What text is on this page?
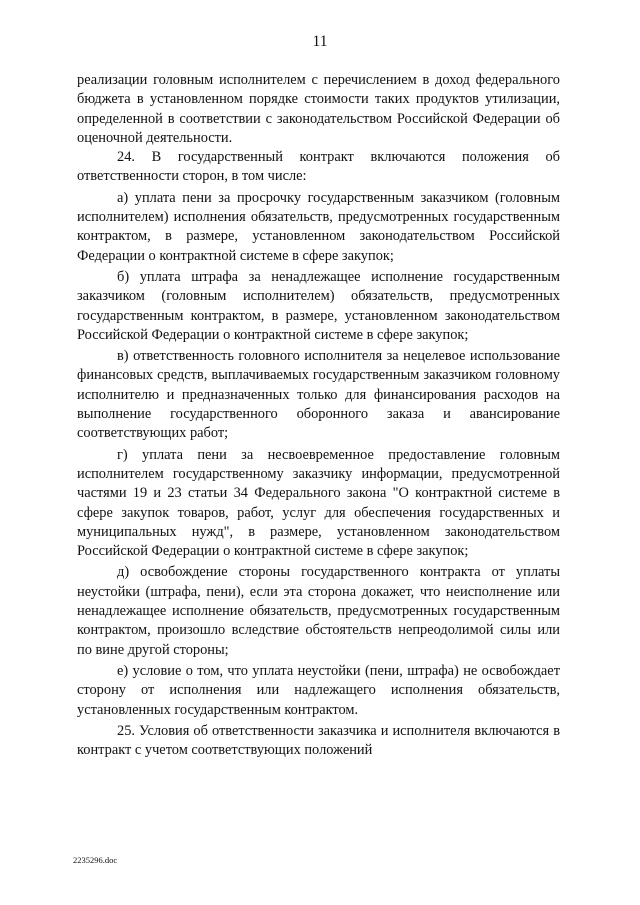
11

реализации головным исполнителем с перечислением в доход федерального бюджета в установленном порядке стоимости таких продуктов утилизации, определенной в соответствии с законодательством Российской Федерации об оценочной деятельности.

24. В государственный контракт включаются положения об ответственности сторон, в том числе:

а) уплата пени за просрочку государственным заказчиком (головным исполнителем) исполнения обязательств, предусмотренных государственным контрактом, в размере, установленном законодательством Российской Федерации о контрактной системе в сфере закупок;

б) уплата штрафа за ненадлежащее исполнение государственным заказчиком (головным исполнителем) обязательств, предусмотренных государственным контрактом, в размере, установленном законодательством Российской Федерации о контрактной системе в сфере закупок;

в) ответственность головного исполнителя за нецелевое использование финансовых средств, выплачиваемых государственным заказчиком головному исполнителю и предназначенных только для финансирования расходов на выполнение государственного оборонного заказа и авансирование соответствующих работ;

г) уплата пени за несвоевременное предоставление головным исполнителем государственному заказчику информации, предусмотренной частями 19 и 23 статьи 34 Федерального закона "О контрактной системе в сфере закупок товаров, работ, услуг для обеспечения государственных и муниципальных нужд", в размере, установленном законодательством Российской Федерации о контрактной системе в сфере закупок;

д) освобождение стороны государственного контракта от уплаты неустойки (штрафа, пени), если эта сторона докажет, что неисполнение или ненадлежащее исполнение обязательств, предусмотренных государственным контрактом, произошло вследствие обстоятельств непреодолимой силы или по вине другой стороны;

е) условие о том, что уплата неустойки (пени, штрафа) не освобождает сторону от исполнения или надлежащего исполнения обязательств, установленных государственным контрактом.

25. Условия об ответственности заказчика и исполнителя включаются в контракт с учетом соответствующих положений

2235296.doc
